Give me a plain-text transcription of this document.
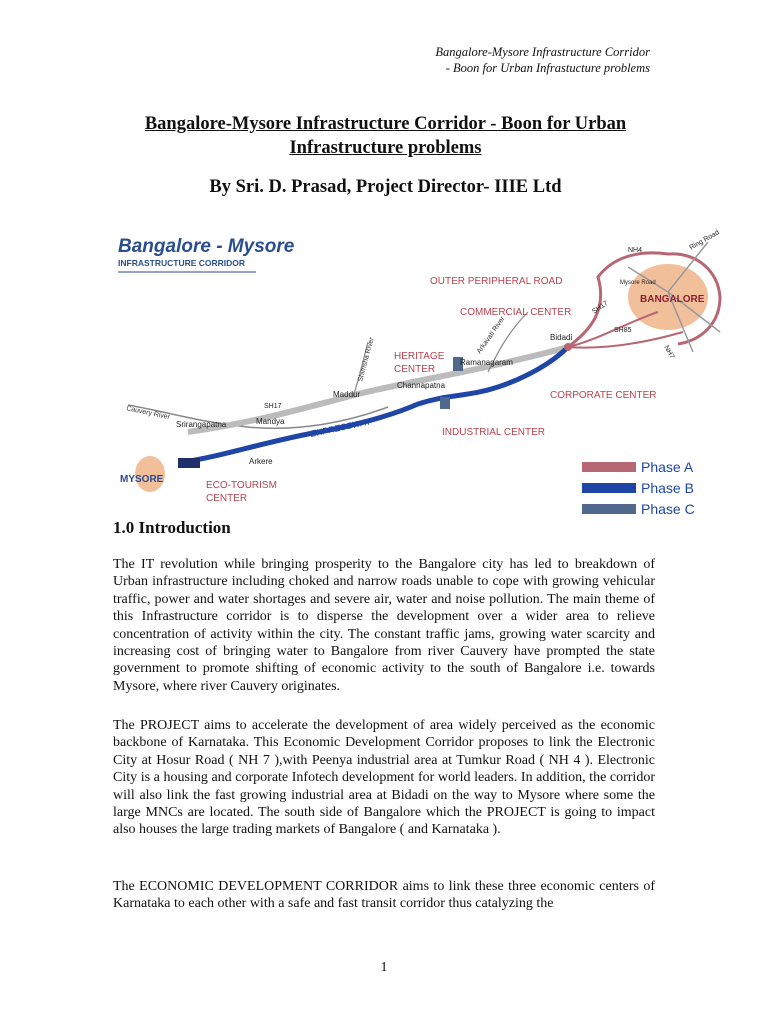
Bangalore-Mysore Infrastructure Corridor
- Boon for Urban Infrastucture problems
Bangalore-Mysore Infrastructure Corridor - Boon for Urban Infrastructure problems
By Sri. D. Prasad, Project Director- IIIE Ltd
Bangalore - Mysore
INFRASTRUCTURE CORRIDOR
OUTER PERIPHERAL ROAD
COMMERCIAL CENTER
BANGALORE
HERITAGE
CENTER
CORPORATE CENTER
INDUSTRIAL CENTER
MYSORE
ECO-TOURISM
CENTER
EXPRESSWAY
Cauvery River
Arkavati River
Shimsha River
Srirangapatna	Mandya
Maddur
Channapatna
Ramanagaram
Bidadi
Arkere
SH17
SH17
SH85
NH7
NH4	Ring Road
Mysore Road
Phase A
Phase B
Phase C
1.0 Introduction

The IT revolution while bringing prosperity to the Bangalore city has led to breakdown of Urban infrastructure including choked and narrow roads unable to cope with growing vehicular traffic, power and water shortages and severe air, water and noise pollution. The main theme of this Infrastructure corridor is to disperse the development over a wider area to relieve concentration of activity within the city. The constant traffic jams, growing water scarcity and increasing cost of bringing water to Bangalore from river Cauvery have prompted the state government to promote shifting of economic activity to the south of Bangalore i.e. towards Mysore, where river Cauvery originates.

The PROJECT aims to accelerate the development of area widely perceived as the economic backbone of Karnataka. This Economic Development Corridor proposes to link the Electronic City at Hosur Road ( NH 7 ),with Peenya industrial area at Tumkur Road ( NH 4 ). Electronic City is a housing and corporate Infotech development for world leaders. In addition, the corridor will also link the fast growing industrial area at Bidadi on the way to Mysore where some the large MNCs are located. The south side of Bangalore which the PROJECT is going to impact also houses the large trading markets of Bangalore ( and Karnataka ).

The ECONOMIC DEVELOPMENT CORRIDOR aims to link these three economic centers of Karnataka to each other with a safe and fast transit corridor thus catalyzing the

1
